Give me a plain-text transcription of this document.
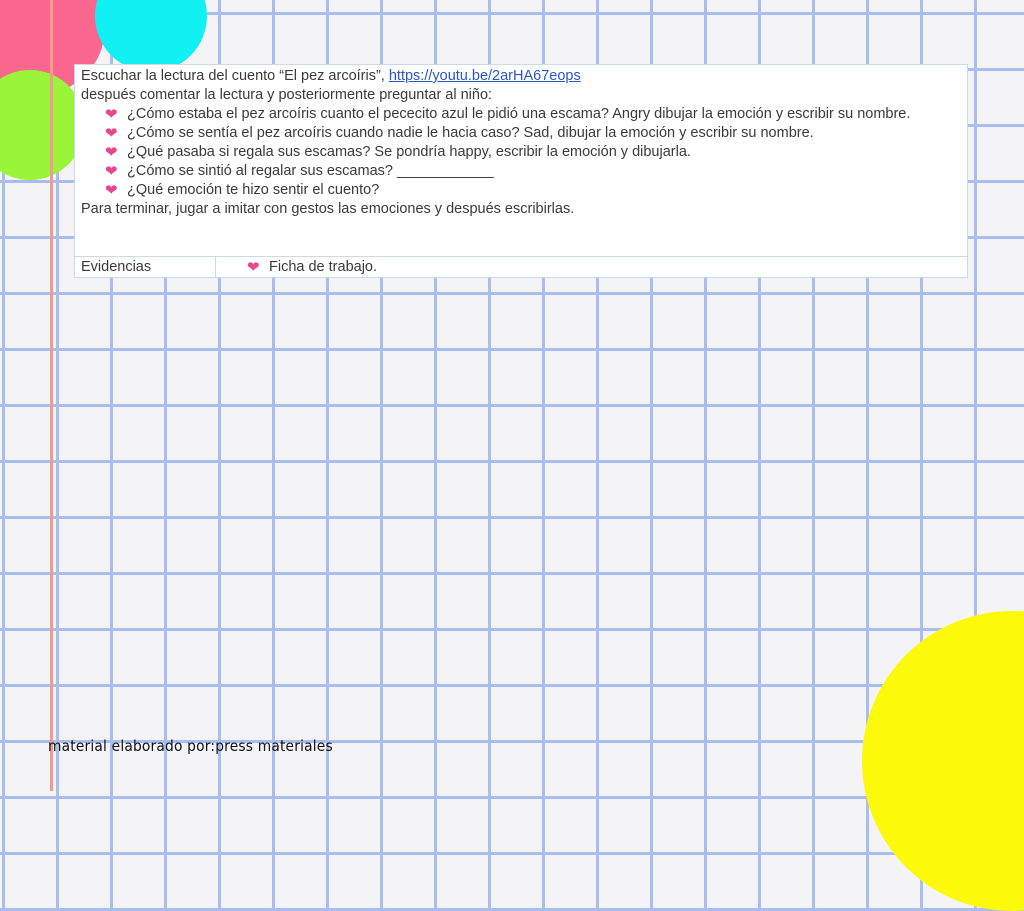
Escuchar la lectura del cuento “El pez arcoíris”, https://youtu.be/2arHA67eops

después comentar la lectura y posteriormente preguntar al niño:

❤ ¿Cómo estaba el pez arcoíris cuanto el pececito azul le pidió una escama? Angry dibujar la emoción y escribir su nombre.
❤ ¿Cómo se sentía el pez arcoíris cuando nadie le hacia caso? Sad, dibujar la emoción y escribir su nombre.
❤ ¿Qué pasaba si regala sus escamas? Se pondría happy, escribir la emoción y dibujarla.
❤ ¿Cómo se sintió al regalar sus escamas? ____________
❤ ¿Qué emoción te hizo sentir el cuento?

Para terminar, jugar a imitar con gestos las emociones y después escribirlas.

Evidencias	❤ Ficha de trabajo.
material elaborado por:press materiales
